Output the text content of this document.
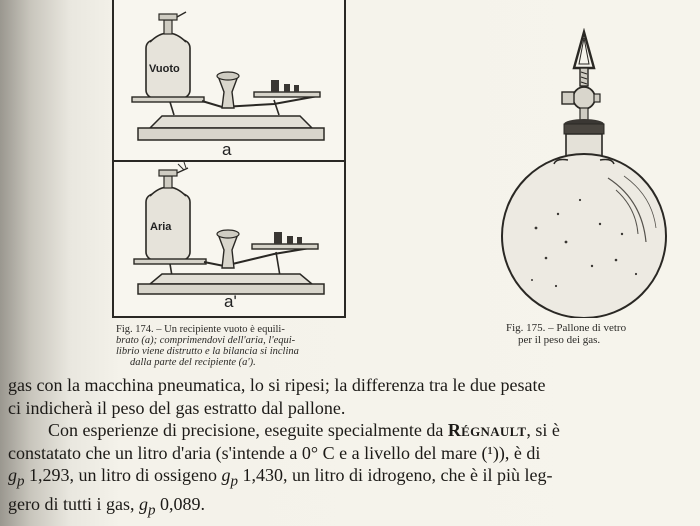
Vuoto
a
Aria
a'
Fig. 174. – Un recipiente vuoto è equili-
brato (a); comprimendovi dell'aria, l'equi-
librio viene distrutto e la bilancia si inclina
dalla parte del recipiente (a').
Fig. 175. – Pallone di vetro
per il peso dei gas.
gas con la macchina pneumatica, lo si ripesi; la differenza tra le due pesate
ci indicherà il peso del gas estratto dal pallone.
Con esperienze di precisione, eseguite specialmente da Régnault, si è
constatato che un litro d'aria (s'intende a 0° C e a livello del mare (¹)), è di
$g_p$ 1,293, un litro di ossigeno $g_p$ 1,430, un litro di idrogeno, che è il più leg-
gero di tutti i gas, $g_p$ 0,089.
